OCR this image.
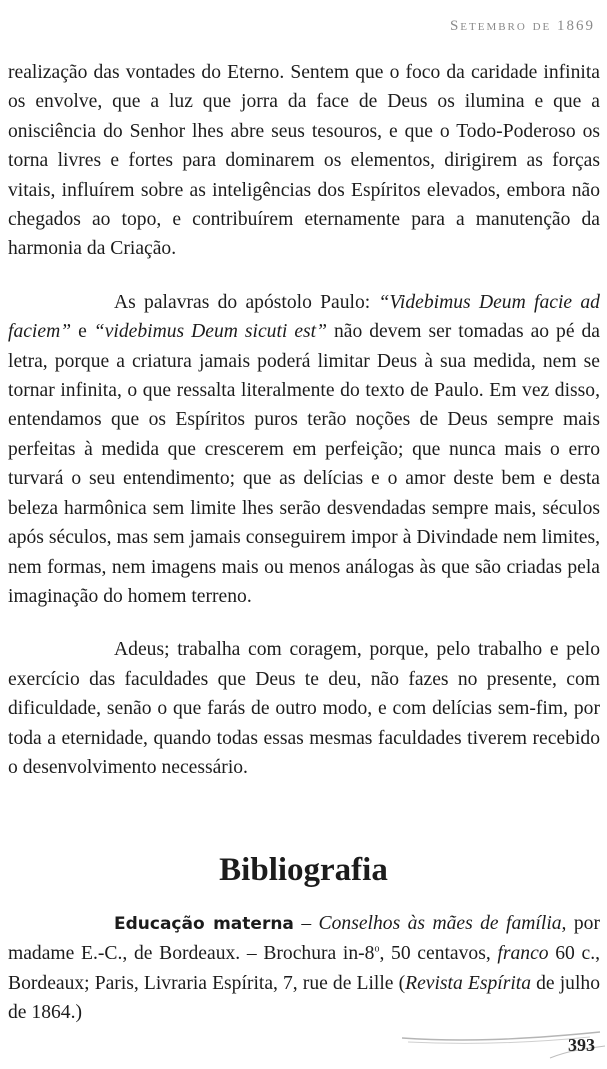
Setembro de 1869

realização das vontades do Eterno. Sentem que o foco da caridade infinita os envolve, que a luz que jorra da face de Deus os ilumina e que a onisciência do Senhor lhes abre seus tesouros, e que o Todo-Poderoso os torna livres e fortes para dominarem os elementos, dirigirem as forças vitais, influírem sobre as inteligências dos Espíritos elevados, embora não chegados ao topo, e contribuírem eternamente para a manutenção da harmonia da Criação.

As palavras do apóstolo Paulo: “Videbimus Deum facie ad faciem” e “videbimus Deum sicuti est” não devem ser tomadas ao pé da letra, porque a criatura jamais poderá limitar Deus à sua medida, nem se tornar infinita, o que ressalta literalmente do texto de Paulo. Em vez disso, entendamos que os Espíritos puros terão noções de Deus sempre mais perfeitas à medida que crescerem em perfeição; que nunca mais o erro turvará o seu entendimento; que as delícias e o amor deste bem e desta beleza harmônica sem limite lhes serão desvendadas sempre mais, séculos após séculos, mas sem jamais conseguirem impor à Divindade nem limites, nem formas, nem imagens mais ou menos análogas às que são criadas pela imaginação do homem terreno.

Adeus; trabalha com coragem, porque, pelo trabalho e pelo exercício das faculdades que Deus te deu, não fazes no presente, com dificuldade, senão o que farás de outro modo, e com delícias sem-fim, por toda a eternidade, quando todas essas mesmas faculdades tiverem recebido o desenvolvimento necessário.

Bibliografia

Educação materna – Conselhos às mães de família, por madame E.-C., de Bordeaux. – Brochura in-8$^o$, 50 centavos, franco 60 c., Bordeaux; Paris, Livraria Espírita, 7, rue de Lille (Revista Espírita de julho de 1864.)

393
